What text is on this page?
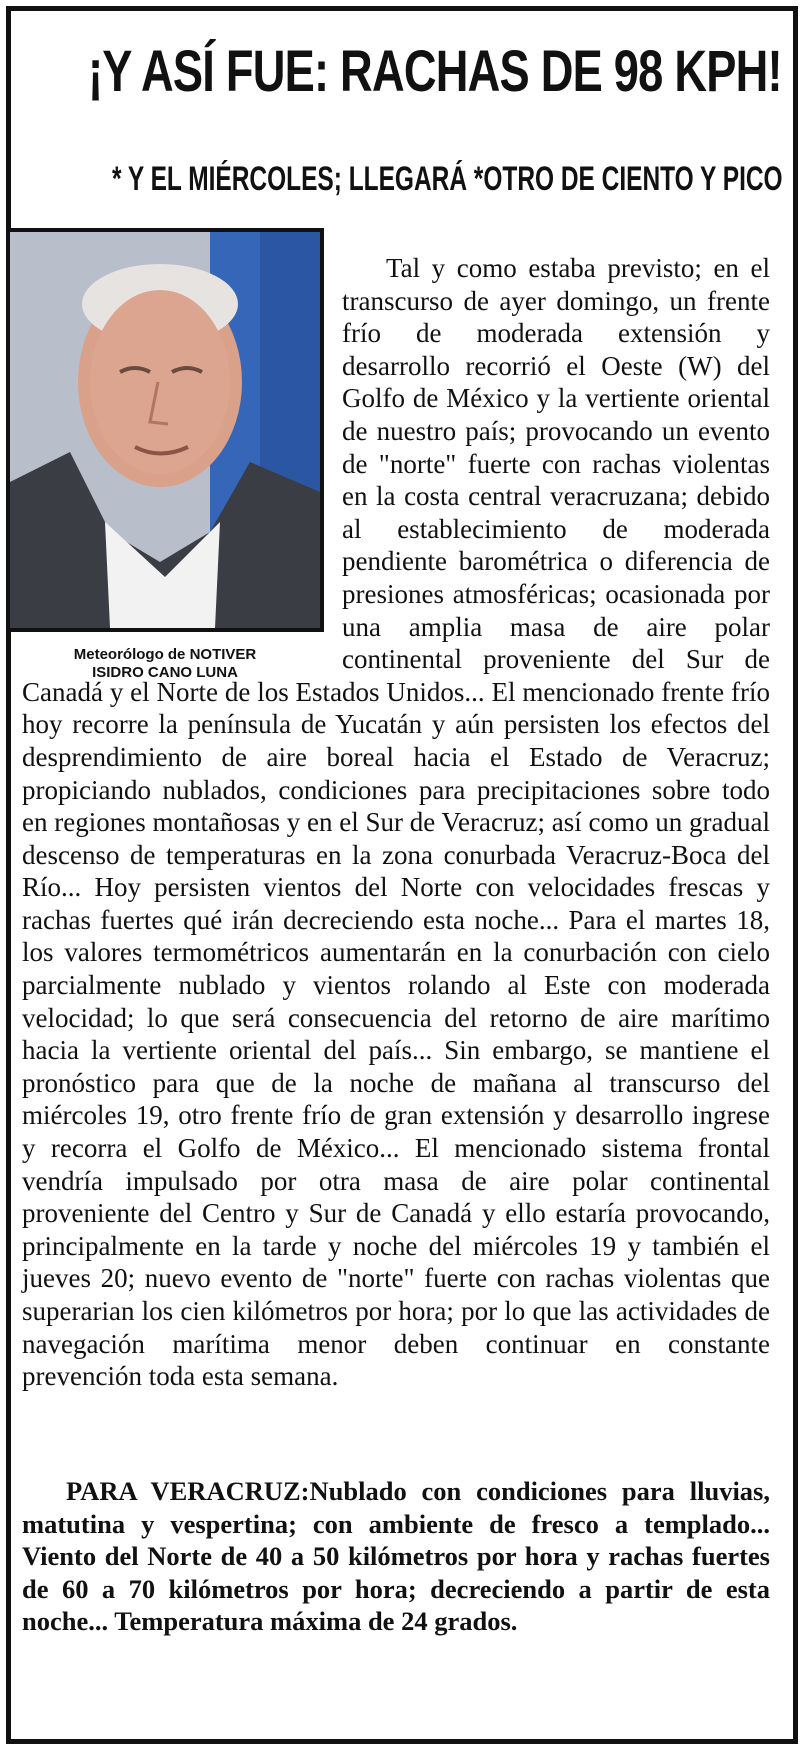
¡Y ASÍ FUE: RACHAS DE 98 KPH!
* Y EL MIÉRCOLES; LLEGARÁ *OTRO DE CIENTO Y PICO
Meteorólogo de NOTIVER
ISIDRO CANO LUNA

Tal y como estaba previsto; en el transcurso de ayer domingo, un frente frío de moderada extensión y desarrollo recorrió el Oeste (W) del Golfo de México y la vertiente oriental de nuestro país; provocando un evento de "norte" fuerte con rachas violentas en la costa central veracruzana; debido al establecimiento de moderada pendiente barométrica o diferencia de presiones atmosféricas; ocasionada por una amplia masa de aire polar continental proveniente del Sur de Canadá y el Norte de los Estados Unidos... El mencionado frente frío hoy recorre la península de Yucatán y aún persisten los efectos del desprendimiento de aire boreal hacia el Estado de Veracruz; propiciando nublados, condiciones para precipitaciones sobre todo en regiones montañosas y en el Sur de Veracruz; así como un gradual descenso de temperaturas en la zona conurbada Veracruz-Boca del Río... Hoy persisten vientos del Norte con velocidades frescas y rachas fuertes qué irán decreciendo esta noche... Para el martes 18, los valores termométricos aumentarán en la conurbación con cielo parcialmente nublado y vientos rolando al Este con moderada velocidad; lo que será consecuencia del retorno de aire marítimo hacia la vertiente oriental del país... Sin embargo, se mantiene el pronóstico para que de la noche de mañana al transcurso del miércoles 19, otro frente frío de gran extensión y desarrollo ingrese y recorra el Golfo de México... El mencionado sistema frontal vendría impulsado por otra masa de aire polar continental proveniente del Centro y Sur de Canadá y ello estaría provocando, principalmente en la tarde y noche del miércoles 19 y también el jueves 20; nuevo evento de "norte" fuerte con rachas violentas que superarian los cien kilómetros por hora; por lo que las actividades de navegación marítima menor deben continuar en constante prevención toda esta semana.

PARA VERACRUZ:Nublado con condiciones para lluvias, matutina y vespertina; con ambiente de fresco a templado... Viento del Norte de 40 a 50 kilómetros por hora y rachas fuertes de 60 a 70 kilómetros por hora; decreciendo a partir de esta noche... Temperatura máxima de 24 grados.
